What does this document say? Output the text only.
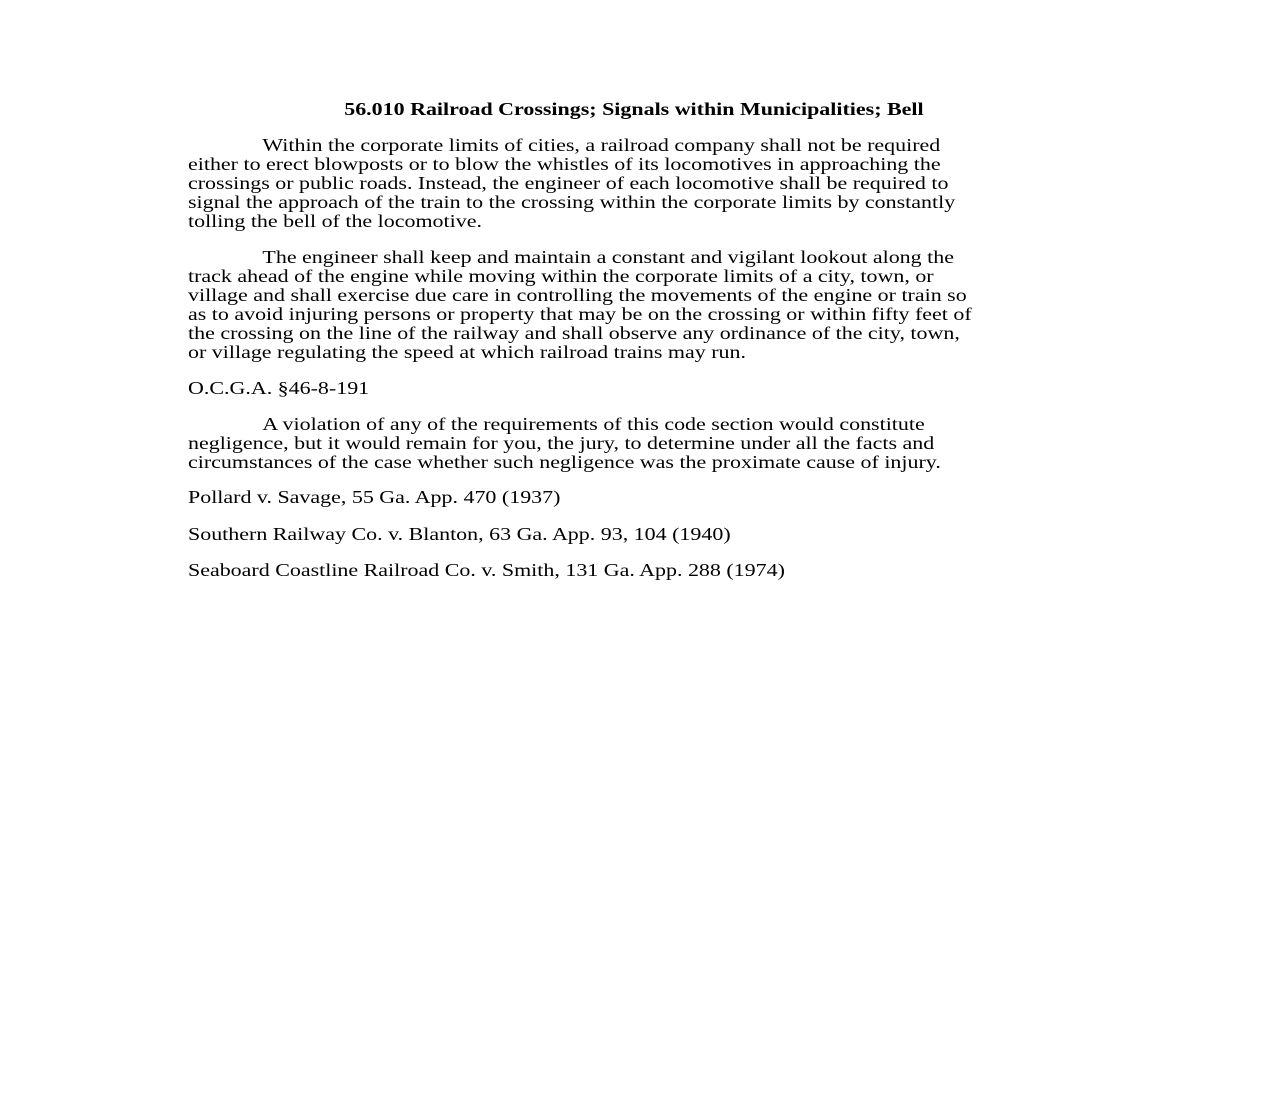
56.010 Railroad Crossings; Signals within Municipalities; Bell
Within the corporate limits of cities, a railroad company shall not be required
either to erect blowposts or to blow the whistles of its locomotives in approaching the
crossings or public roads. Instead, the engineer of each locomotive shall be required to
signal the approach of the train to the crossing within the corporate limits by constantly
tolling the bell of the locomotive.
The engineer shall keep and maintain a constant and vigilant lookout along the
track ahead of the engine while moving within the corporate limits of a city, town, or
village and shall exercise due care in controlling the movements of the engine or train so
as to avoid injuring persons or property that may be on the crossing or within fifty feet of
the crossing on the line of the railway and shall observe any ordinance of the city, town,
or village regulating the speed at which railroad trains may run.
O.C.G.A. §46-8-191
A violation of any of the requirements of this code section would constitute
negligence, but it would remain for you, the jury, to determine under all the facts and
circumstances of the case whether such negligence was the proximate cause of injury.
Pollard v. Savage, 55 Ga. App. 470 (1937)
Southern Railway Co. v. Blanton, 63 Ga. App. 93, 104 (1940)
Seaboard Coastline Railroad Co. v. Smith, 131 Ga. App. 288 (1974)
